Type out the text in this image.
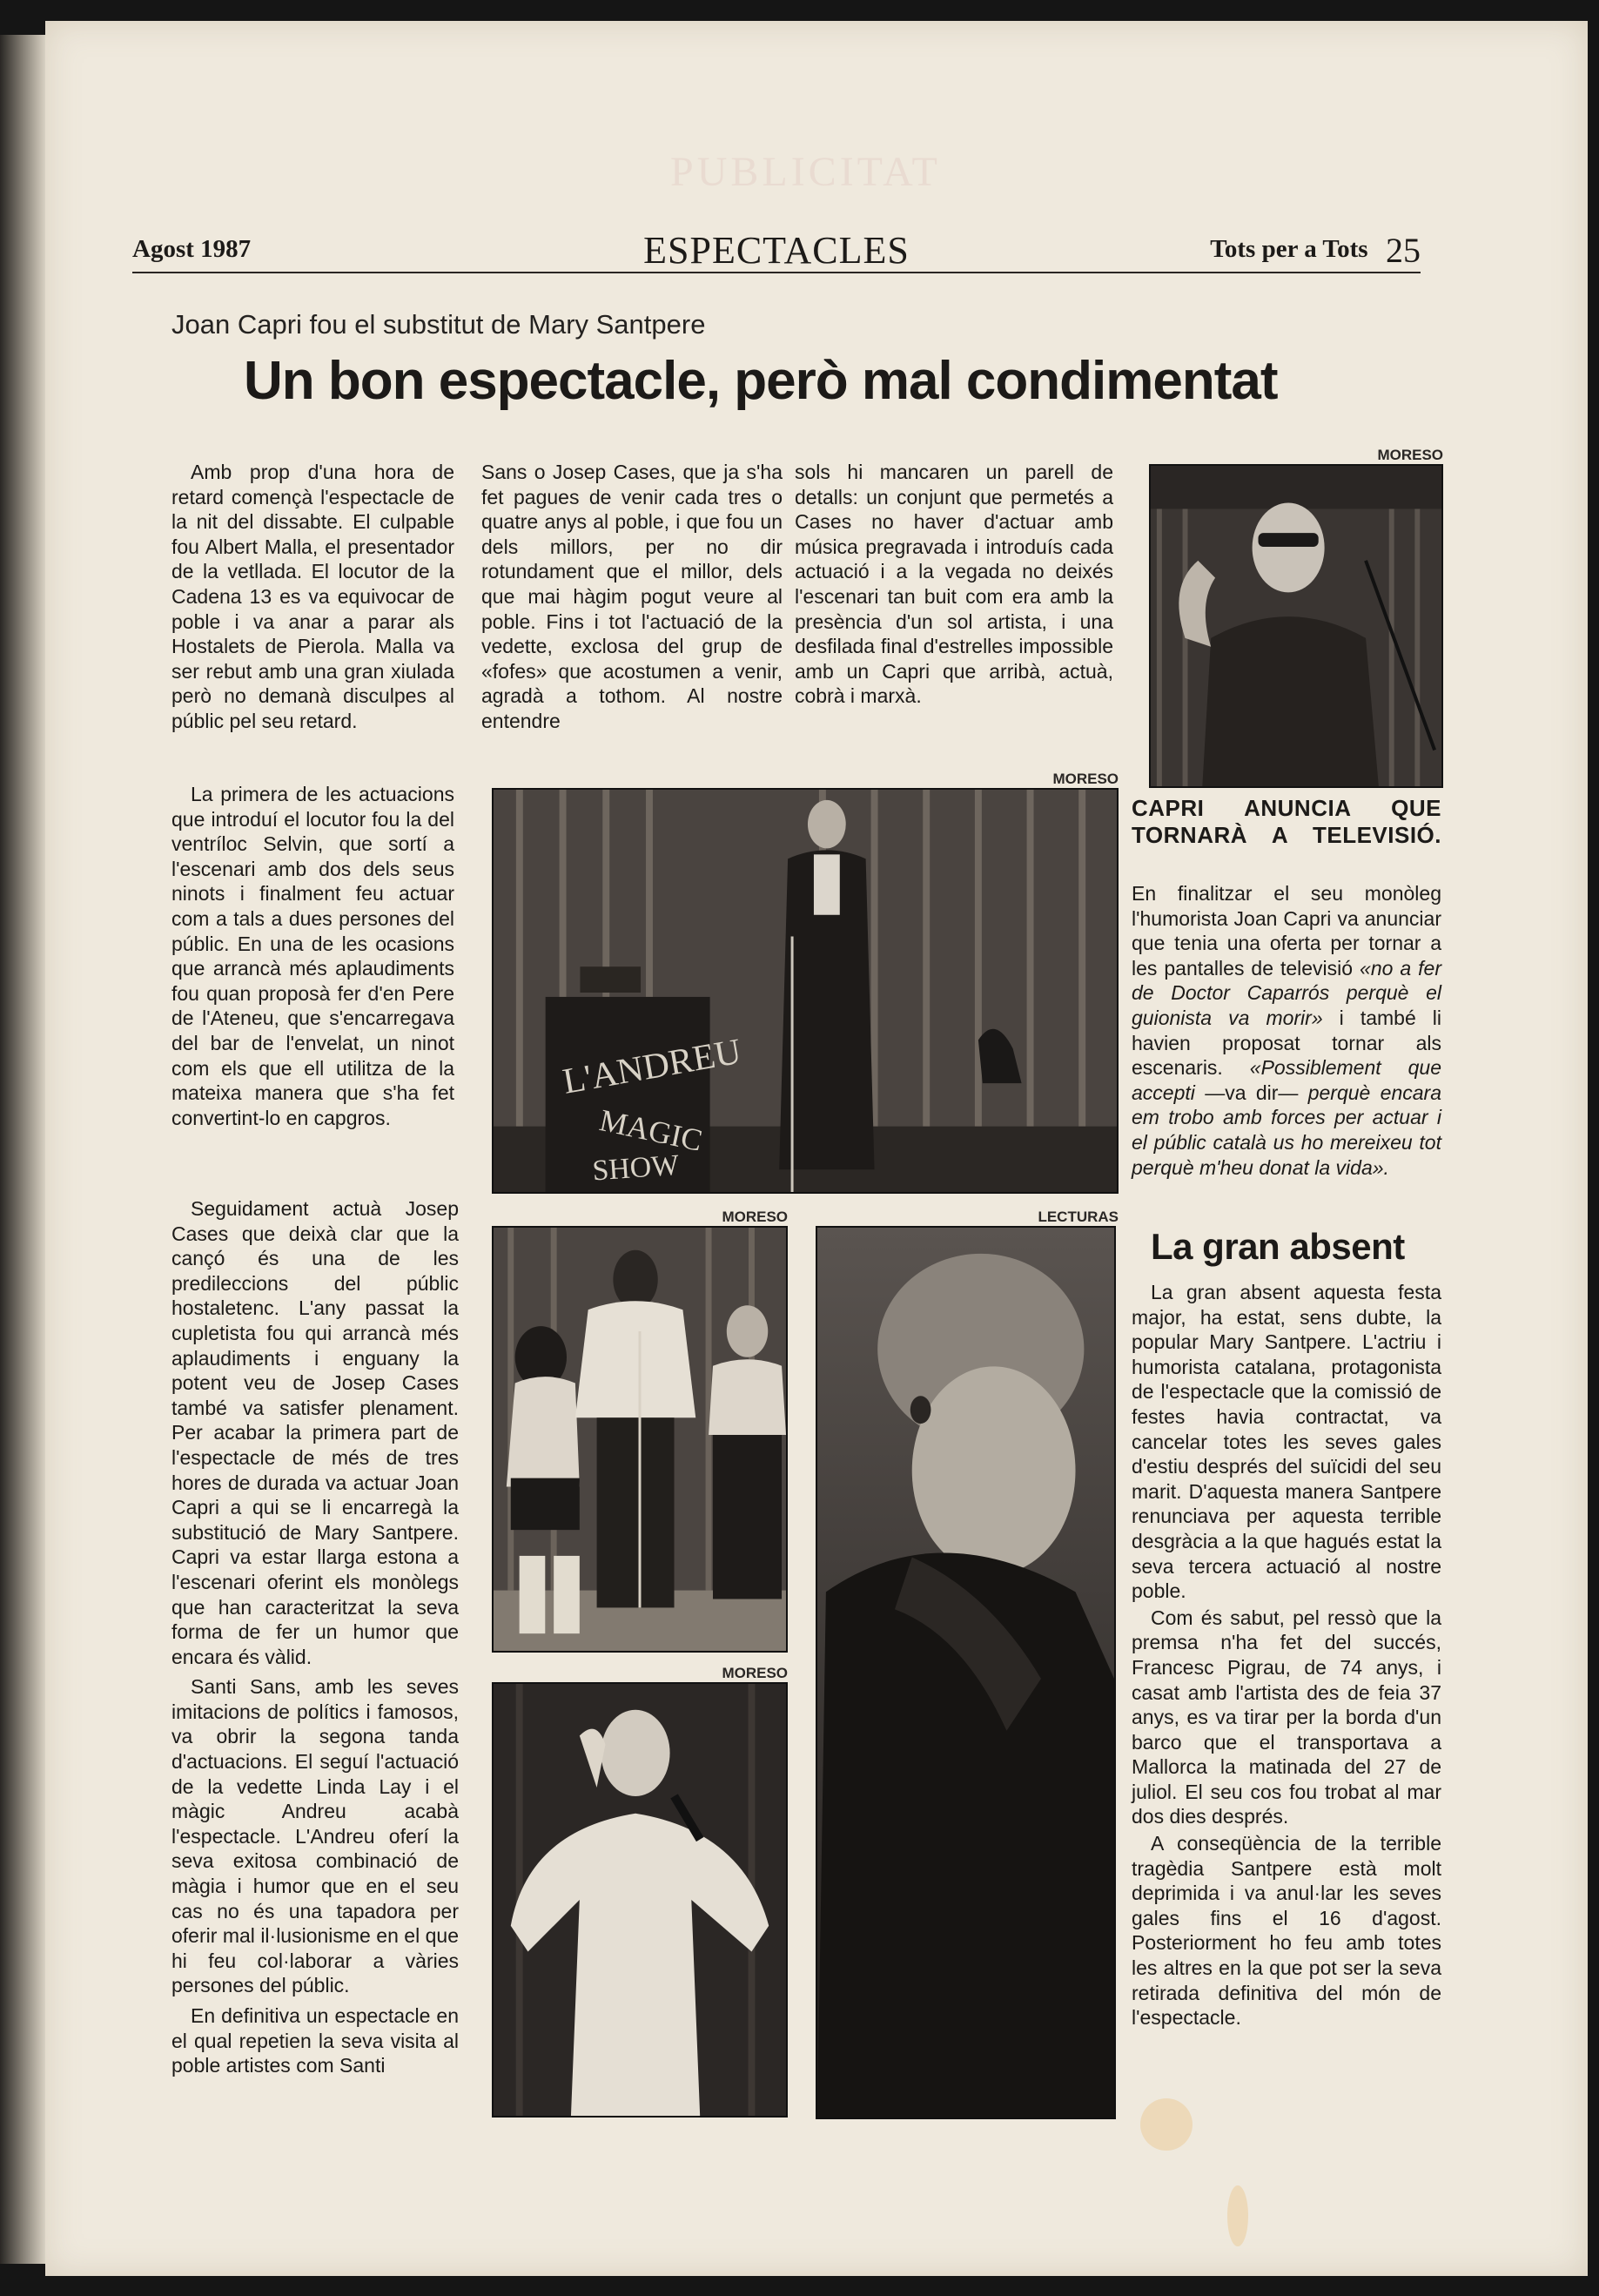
PUBLICITAT
Agost 1987	ESPECTACLES	Tots per a Tots 25
Joan Capri fou el substitut de Mary Santpere
Un bon espectacle, però mal condimentat

Amb prop d'una hora de retard començà l'espectacle de la nit del dissabte. El culpable fou Albert Malla, el presentador de la vetllada. El locutor de la Cadena 13 es va equivocar de poble i va anar a parar als Hostalets de Pierola. Malla va ser rebut amb una gran xiulada però no demanà disculpes al públic pel seu retard.

La primera de les actuacions que introduí el locutor fou la del ventríloc Selvin, que sortí a l'escenari amb dos dels seus ninots i finalment feu actuar com a tals a dues persones del públic. En una de les ocasions que arrancà més aplaudiments fou quan proposà fer d'en Pere de l'Ateneu, que s'encarregava del bar de l'envelat, un ninot com els que ell utilitza de la mateixa manera que s'ha fet convertint-lo en capgros.

Sans o Josep Cases, que ja s'ha fet pagues de venir cada tres o quatre anys al poble, i que fou un dels millors, per no dir rotundament que el millor, dels que mai hàgim pogut veure al poble. Fins i tot l'actuació de la vedette, exclosa del grup de «fofes» que acostumen a venir, agradà a tothom. Al nostre entendre

sols hi mancaren un parell de detalls: un conjunt que permetés a Cases no haver d'actuar amb música pregravada i introduís cada actuació i a la vegada no deixés l'escenari tan buit com era amb la presència d'un sol artista, i una desfilada final d'estrelles impossible amb un Capri que arribà, actuà, cobrà i marxà.

Seguidament actuà Josep Cases que deixà clar que la cançó és una de les predileccions del públic hostaletenc. L'any passat la cupletista fou qui arrancà més aplaudiments i enguany la potent veu de Josep Cases també va satisfer plenament. Per acabar la primera part de l'espectacle de més de tres hores de durada va actuar Joan Capri a qui se li encarregà la substitució de Mary Santpere. Capri va estar llarga estona a l'escenari oferint els monòlegs que han caracteritzat la seva forma de fer un humor que encara és vàlid.

Santi Sans, amb les seves imitacions de polítics i famosos, va obrir la segona tanda d'actuacions. El seguí l'actuació de la vedette Linda Lay i el màgic Andreu acabà l'espectacle. L'Andreu oferí la seva exitosa combinació de màgia i humor que en el seu cas no és una tapadora per oferir mal il·lusionisme en el que hi feu col·laborar a vàries persones del públic.

En definitiva un espectacle en el qual repetien la seva visita al poble artistes com Santi

MORESO
CAPRI ANUNCIA QUE TORNARÀ A TELEVISIÓ.

En finalitzar el seu monòleg l'humorista Joan Capri va anunciar que tenia una oferta per tornar a les pantalles de televisió «no a fer de Doctor Caparrós perquè el guionista va morir» i també li havien proposat tornar als escenaris. «Possiblement que accepti —va dir— perquè encara em trobo amb forces per actuar i el públic català us ho mereixeu tot perquè m'heu donat la vida».

MORESO
L'ANDREU
MAGIC
SHOW
MORESO
MORESO
LECTURAS
La gran absent

La gran absent aquesta festa major, ha estat, sens dubte, la popular Mary Santpere. L'actriu i humorista catalana, protagonista de l'espectacle que la comissió de festes havia contractat, va cancelar totes les seves gales d'estiu després del suïcidi del seu marit. D'aquesta manera Santpere renunciava per aquesta terrible desgràcia a la que hagués estat la seva tercera actuació al nostre poble.

Com és sabut, pel ressò que la premsa n'ha fet del succés, Francesc Pigrau, de 74 anys, i casat amb l'artista des de feia 37 anys, es va tirar per la borda d'un barco que el transportava a Mallorca la matinada del 27 de juliol. El seu cos fou trobat al mar dos dies després.

A conseqüència de la terrible tragèdia Santpere està molt deprimida i va anul·lar les seves gales fins el 16 d'agost. Posteriorment ho feu amb totes les altres en la que pot ser la seva retirada definitiva del món de l'espectacle.
